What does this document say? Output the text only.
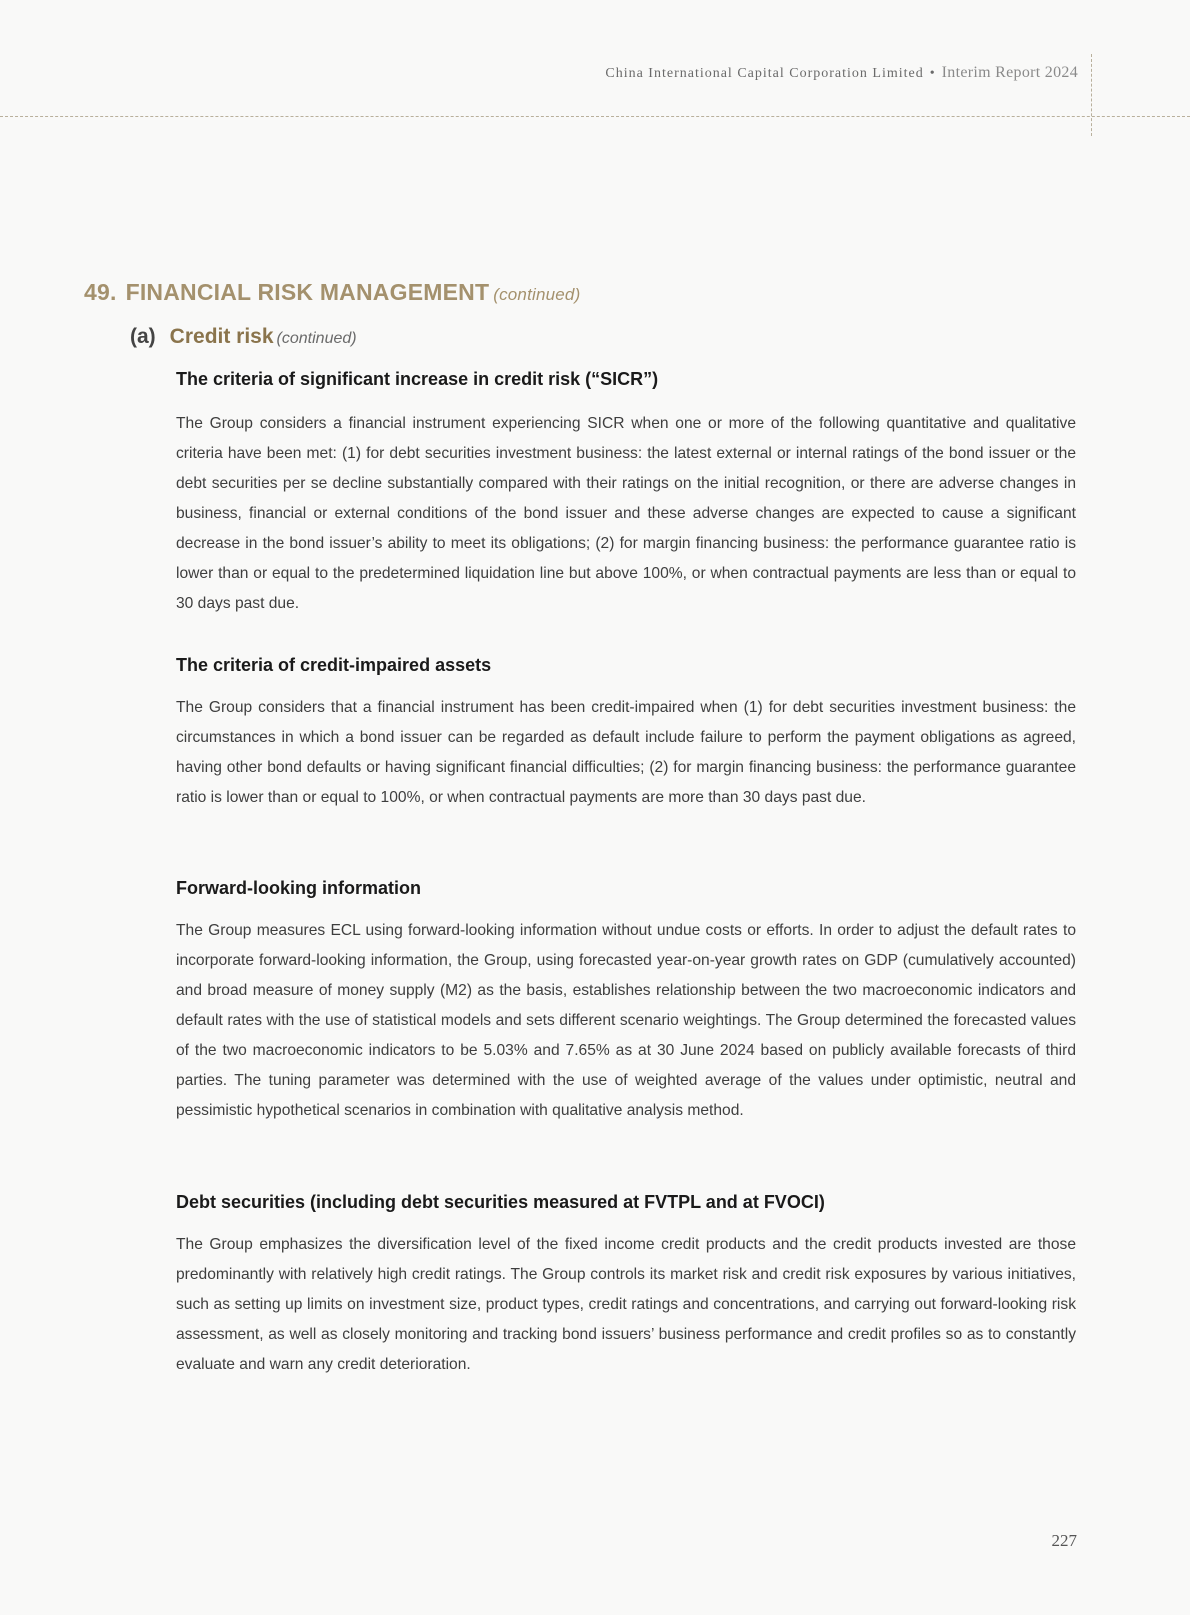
China International Capital Corporation Limited • Interim Report 2024
49. FINANCIAL RISK MANAGEMENT (continued)
(a) Credit risk (continued)
The criteria of significant increase in credit risk (“SICR”)

The Group considers a financial instrument experiencing SICR when one or more of the following quantitative and qualitative criteria have been met: (1) for debt securities investment business: the latest external or internal ratings of the bond issuer or the debt securities per se decline substantially compared with their ratings on the initial recognition, or there are adverse changes in business, financial or external conditions of the bond issuer and these adverse changes are expected to cause a significant decrease in the bond issuer’s ability to meet its obligations; (2) for margin financing business: the performance guarantee ratio is lower than or equal to the predetermined liquidation line but above 100%, or when contractual payments are less than or equal to 30 days past due.

The criteria of credit-impaired assets

The Group considers that a financial instrument has been credit-impaired when (1) for debt securities investment business: the circumstances in which a bond issuer can be regarded as default include failure to perform the payment obligations as agreed, having other bond defaults or having significant financial difficulties; (2) for margin financing business: the performance guarantee ratio is lower than or equal to 100%, or when contractual payments are more than 30 days past due.

Forward-looking information

The Group measures ECL using forward-looking information without undue costs or efforts. In order to adjust the default rates to incorporate forward-looking information, the Group, using forecasted year-on-year growth rates on GDP (cumulatively accounted) and broad measure of money supply (M2) as the basis, establishes relationship between the two macroeconomic indicators and default rates with the use of statistical models and sets different scenario weightings. The Group determined the forecasted values of the two macroeconomic indicators to be 5.03% and 7.65% as at 30 June 2024 based on publicly available forecasts of third parties. The tuning parameter was determined with the use of weighted average of the values under optimistic, neutral and pessimistic hypothetical scenarios in combination with qualitative analysis method.

Debt securities (including debt securities measured at FVTPL and at FVOCI)

The Group emphasizes the diversification level of the fixed income credit products and the credit products invested are those predominantly with relatively high credit ratings. The Group controls its market risk and credit risk exposures by various initiatives, such as setting up limits on investment size, product types, credit ratings and concentrations, and carrying out forward-looking risk assessment, as well as closely monitoring and tracking bond issuers’ business performance and credit profiles so as to constantly evaluate and warn any credit deterioration.

227
